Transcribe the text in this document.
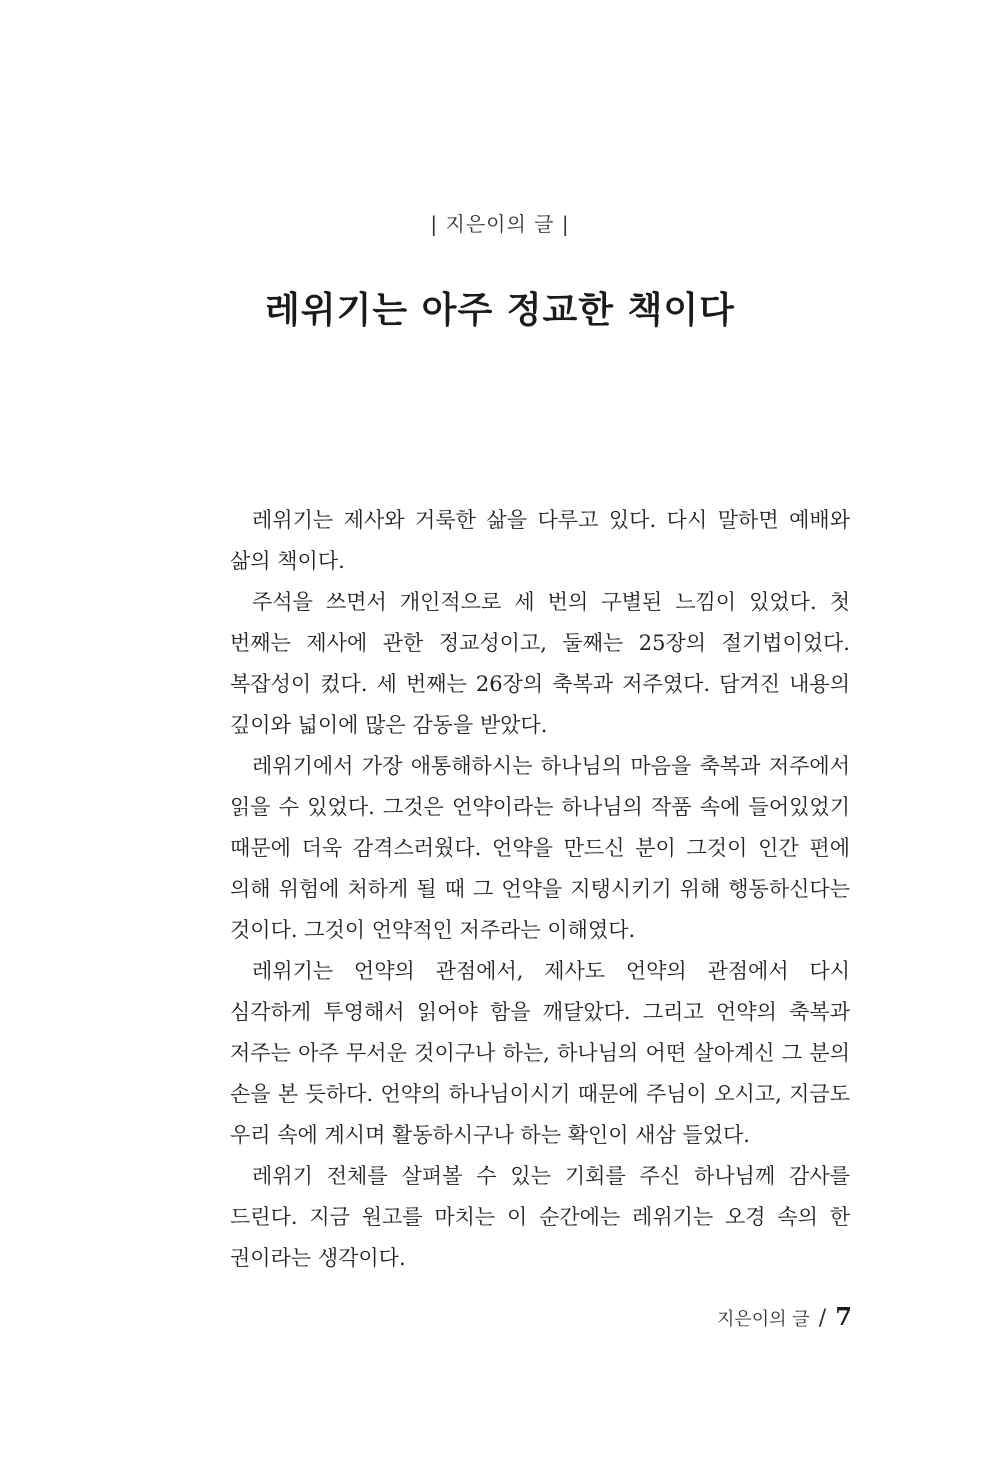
| 지은이의 글 |
레위기는 아주 정교한 책이다

레위기는 제사와 거룩한 삶을 다루고 있다. 다시 말하면 예배와 삶의 책이다.

주석을 쓰면서 개인적으로 세 번의 구별된 느낌이 있었다. 첫 번째는 제사에 관한 정교성이고, 둘째는 25장의 절기법이었다. 복잡성이 컸다. 세 번째는 26장의 축복과 저주였다. 담겨진 내용의 깊이와 넓이에 많은 감동을 받았다.

레위기에서 가장 애통해하시는 하나님의 마음을 축복과 저주에서 읽을 수 있었다. 그것은 언약이라는 하나님의 작품 속에 들어있었기 때문에 더욱 감격스러웠다. 언약을 만드신 분이 그것이 인간 편에 의해 위험에 처하게 될 때 그 언약을 지탱시키기 위해 행동하신다는 것이다. 그것이 언약적인 저주라는 이해였다.

레위기는 언약의 관점에서, 제사도 언약의 관점에서 다시 심각하게 투영해서 읽어야 함을 깨달았다. 그리고 언약의 축복과 저주는 아주 무서운 것이구나 하는, 하나님의 어떤 살아계신 그 분의 손을 본 듯하다. 언약의 하나님이시기 때문에 주님이 오시고, 지금도 우리 속에 계시며 활동하시구나 하는 확인이 새삼 들었다.

레위기 전체를 살펴볼 수 있는 기회를 주신 하나님께 감사를 드린다. 지금 원고를 마치는 이 순간에는 레위기는 오경 속의 한 권이라는 생각이다.

지은이의 글 / 7
